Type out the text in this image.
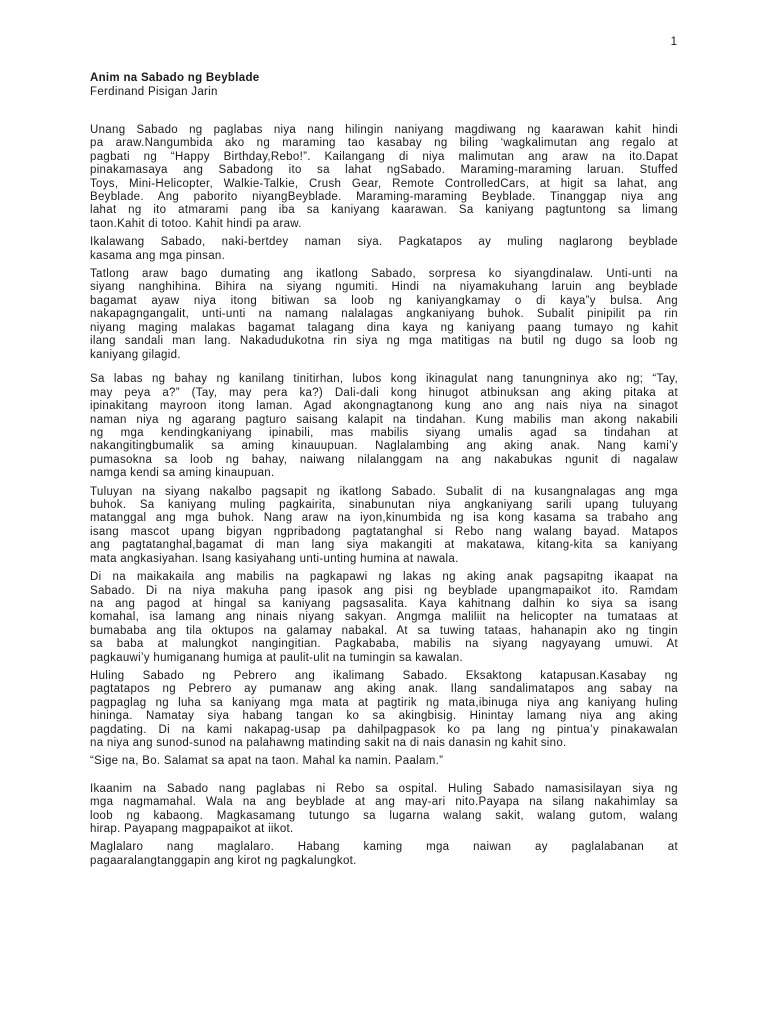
1
Anim na Sabado ng Beyblade
Ferdinand Pisigan Jarin
Unang Sabado ng paglabas niya nang hilingin naniyang magdiwang ng kaarawan kahit hindi
pa araw.Nangumbida ako ng maraming tao kasabay ng biling ‘wagkalimutan ang regalo at
pagbati ng “Happy Birthday,Rebo!”. Kailangang di niya malimutan ang araw na ito.Dapat
pinakamasaya ang Sabadong ito sa lahat ngSabado. Maraming-maraming laruan. Stuffed
Toys, Mini-Helicopter, Walkie-Talkie, Crush Gear, Remote ControlledCars, at higit sa lahat, ang
Beyblade. Ang paborito niyangBeyblade. Maraming-maraming Beyblade. Tinanggap niya ang
lahat ng ito atmarami pang iba sa kaniyang kaarawan. Sa kaniyang pagtuntong sa limang
taon.Kahit di totoo. Kahit hindi pa araw.
Ikalawang Sabado, naki-bertdey naman siya. Pagkatapos ay muling naglarong beyblade
kasama ang mga pinsan.
Tatlong araw bago dumating ang ikatlong Sabado, sorpresa ko siyangdinalaw. Unti-unti na
siyang nanghihina. Bihira na siyang ngumiti. Hindi na niyamakuhang laruin ang beyblade
bagamat ayaw niya itong bitiwan sa loob ng kaniyangkamay o di kaya”y bulsa. Ang
nakapagngangalit, unti-unti na namang nalalagas angkaniyang buhok. Subalit pinipilit pa rin
niyang maging malakas bagamat talagang dina kaya ng kaniyang paang tumayo ng kahit
ilang sandali man lang. Nakadudukotna rin siya ng mga matitigas na butil ng dugo sa loob ng
kaniyang gilagid.
Sa labas ng bahay ng kanilang tinitirhan, lubos kong ikinagulat nang tanungninya ako ng; “Tay,
may peya a?” (Tay, may pera ka?) Dali-dali kong hinugot atbinuksan ang aking pitaka at
ipinakitang mayroon itong laman. Agad akongnagtanong kung ano ang nais niya na sinagot
naman niya ng agarang pagturo saisang kalapit na tindahan. Kung mabilis man akong nakabili
ng mga kendingkaniyang ipinabili, mas mabilis siyang umalis agad sa tindahan at
nakangitingbumalik sa aming kinauupuan. Naglalambing ang aking anak. Nang kami’y
pumasokna sa loob ng bahay, naiwang nilalanggam na ang nakabukas ngunit di nagalaw
namga kendi sa aming kinaupuan.
Tuluyan na siyang nakalbo pagsapit ng ikatlong Sabado. Subalit di na kusangnalagas ang mga
buhok. Sa kaniyang muling pagkairita, sinabunutan niya angkaniyang sarili upang tuluyang
matanggal ang mga buhok. Nang araw na iyon,kinumbida ng isa kong kasama sa trabaho ang
isang mascot upang bigyan ngpribadong pagtatanghal si Rebo nang walang bayad. Matapos
ang pagtatanghal,bagamat di man lang siya makangiti at makatawa, kitang-kita sa kaniyang
mata angkasiyahan. Isang kasiyahang unti-unting humina at nawala.
Di na maikakaila ang mabilis na pagkapawi ng lakas ng aking anak pagsapitng ikaapat na
Sabado. Di na niya makuha pang ipasok ang pisi ng beyblade upangmapaikot ito. Ramdam
na ang pagod at hingal sa kaniyang pagsasalita. Kaya kahitnang dalhin ko siya sa isang
komahal, isa lamang ang ninais niyang sakyan. Angmga maliliit na helicopter na tumataas at
bumababa ang tila oktupos na galamay nabakal. At sa tuwing tataas, hahanapin ako ng tingin
sa baba at malungkot nangingitian. Pagkababa, mabilis na siyang nagyayang umuwi. At
pagkauwi’y humiganang humiga at paulit-ulit na tumingin sa kawalan.
Huling Sabado ng Pebrero ang ikalimang Sabado. Eksaktong katapusan.Kasabay ng
pagtatapos ng Pebrero ay pumanaw ang aking anak. Ilang sandalimatapos ang sabay na
pagpaglag ng luha sa kaniyang mga mata at pagtirik ng mata,ibinuga niya ang kaniyang huling
hininga. Namatay siya habang tangan ko sa akingbisig. Hinintay lamang niya ang aking
pagdating. Di na kami nakapag-usap pa dahilpagpasok ko pa lang ng pintua’y pinakawalan
na niya ang sunod-sunod na palahawng matinding sakit na di nais danasin ng kahit sino.
“Sige na, Bo. Salamat sa apat na taon. Mahal ka namin. Paalam.”
Ikaanim na Sabado nang paglabas ni Rebo sa ospital. Huling Sabado namasisilayan siya ng
mga nagmamahal. Wala na ang beyblade at ang may-ari nito.Payapa na silang nakahimlay sa
loob ng kabaong. Magkasamang tutungo sa lugarna walang sakit, walang gutom, walang
hirap. Payapang magpapaikot at iikot.
Maglalaro nang maglalaro. Habang kaming mga naiwan ay paglalabanan at
pagaaralangtanggapin ang kirot ng pagkalungkot.
